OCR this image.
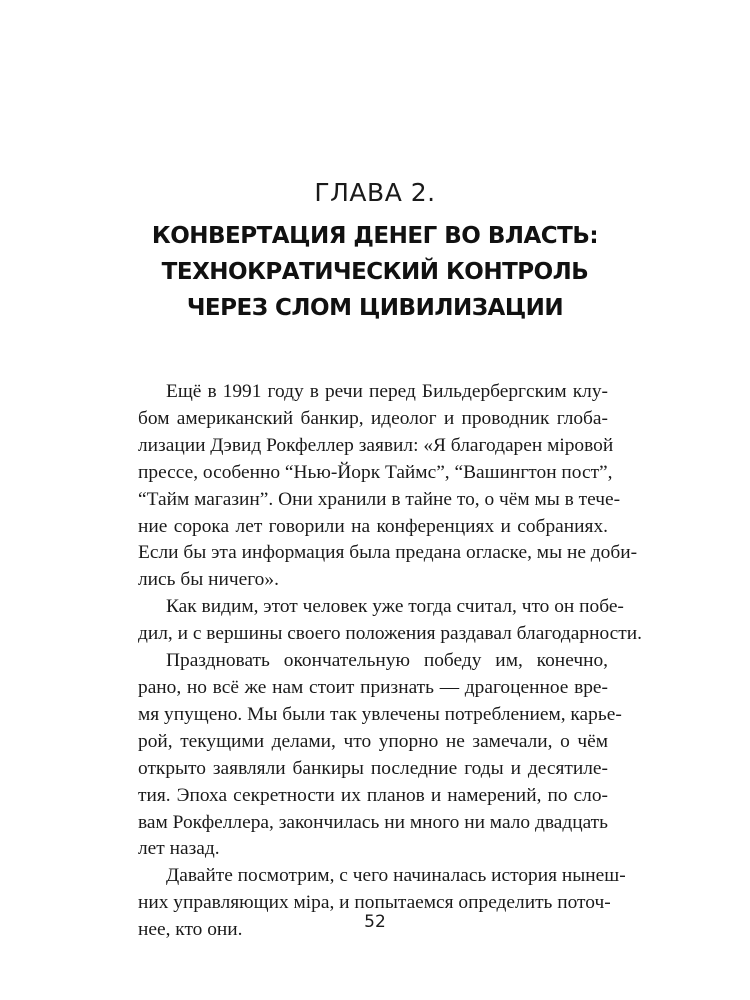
ГЛАВА 2.
КОНВЕРТАЦИЯ ДЕНЕГ ВО ВЛАСТЬ:
ТЕХНОКРАТИЧЕСКИЙ КОНТРОЛЬ
ЧЕРЕЗ СЛОМ ЦИВИЛИЗАЦИИ
Ещё в 1991 году в речи перед Бильдербергским клу-
бом американский банкир, идеолог и проводник глоба-
лизации Дэвид Рокфеллер заявил: «Я благодарен міровой
прессе, особенно “Нью-Йорк Таймс”, “Вашингтон пост”,
“Тайм магазин”. Они хранили в тайне то, о чём мы в тече-
ние сорока лет говорили на конференциях и собраниях.
Если бы эта информация была предана огласке, мы не доби-
лись бы ничего».
Как видим, этот человек уже тогда считал, что он побе-
дил, и с вершины своего положения раздавал благодарности.
Праздновать окончательную победу им, конечно,
рано, но всё же нам стоит признать — драгоценное вре-
мя упущено. Мы были так увлечены потреблением, карье-
рой, текущими делами, что упорно не замечали, о чём
открыто заявляли банкиры последние годы и десятиле-
тия. Эпоха секретности их планов и намерений, по сло-
вам Рокфеллера, закончилась ни много ни мало двадцать
лет назад.
Давайте посмотрим, с чего начиналась история нынеш-
них управляющих міра, и попытаемся определить поточ-
нее, кто они.	52
